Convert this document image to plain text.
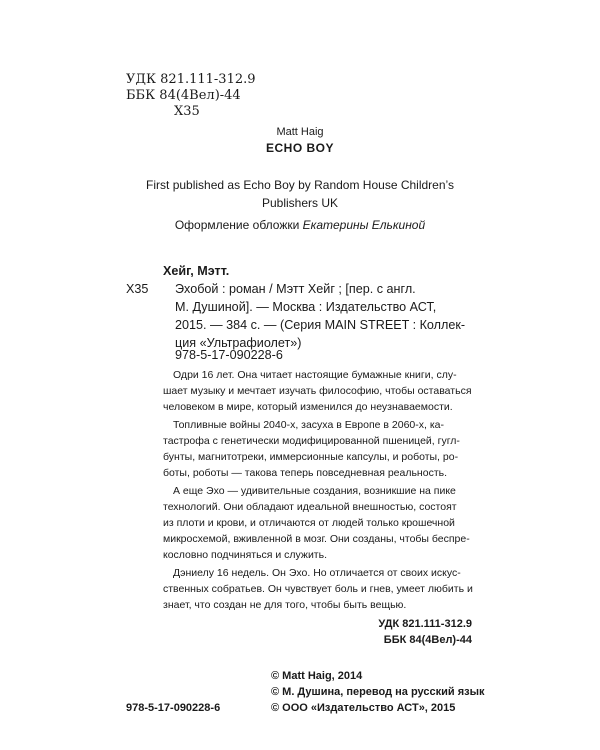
УДК 821.111-312.9
ББК 84(4Вел)-44
Х35
Matt Haig
ECHO BOY
First published as Echo Boy by Random House Children’s
Publishers UK
Оформление обложки Екатерины Елькиной
Хейг, Мэтт.
Х35 Эхобой : роман / Мэтт Хейг ; [пер. с англ.
М. Душиной]. — Москва : Издательство АСТ,
2015. — 384 с. — (Серия MAIN STREET : Коллек-
ция «Ультрафиолет»)
978-5-17-090228-6
Одри 16 лет. Она читает настоящие бумажные книги, слу-
шает музыку и мечтает изучать философию, чтобы оставаться
человеком в мире, который изменился до неузнаваемости.
Топливные войны 2040-х, засуха в Европе в 2060-х, ка-
тастрофа с генетически модифицированной пшеницей, гугл-
бунты, магнитотреки, иммерсионные капсулы, и роботы, ро-
боты, роботы — такова теперь повседневная реальность.
А еще Эхо — удивительные создания, возникшие на пике
технологий. Они обладают идеальной внешностью, состоят
из плоти и крови, и отличаются от людей только крошечной
микросхемой, вживленной в мозг. Они созданы, чтобы беспре-
кословно подчиняться и служить.
Дэниелу 16 недель. Он Эхо. Но отличается от своих искус-
ственных собратьев. Он чувствует боль и гнев, умеет любить и
знает, что создан не для того, чтобы быть вещью.
УДК 821.111-312.9
ББК 84(4Вел)-44
© Matt Haig, 2014
© М. Душина, перевод на русский язык
978-5-17-090228-6	© ООО «Издательство АСТ», 2015
